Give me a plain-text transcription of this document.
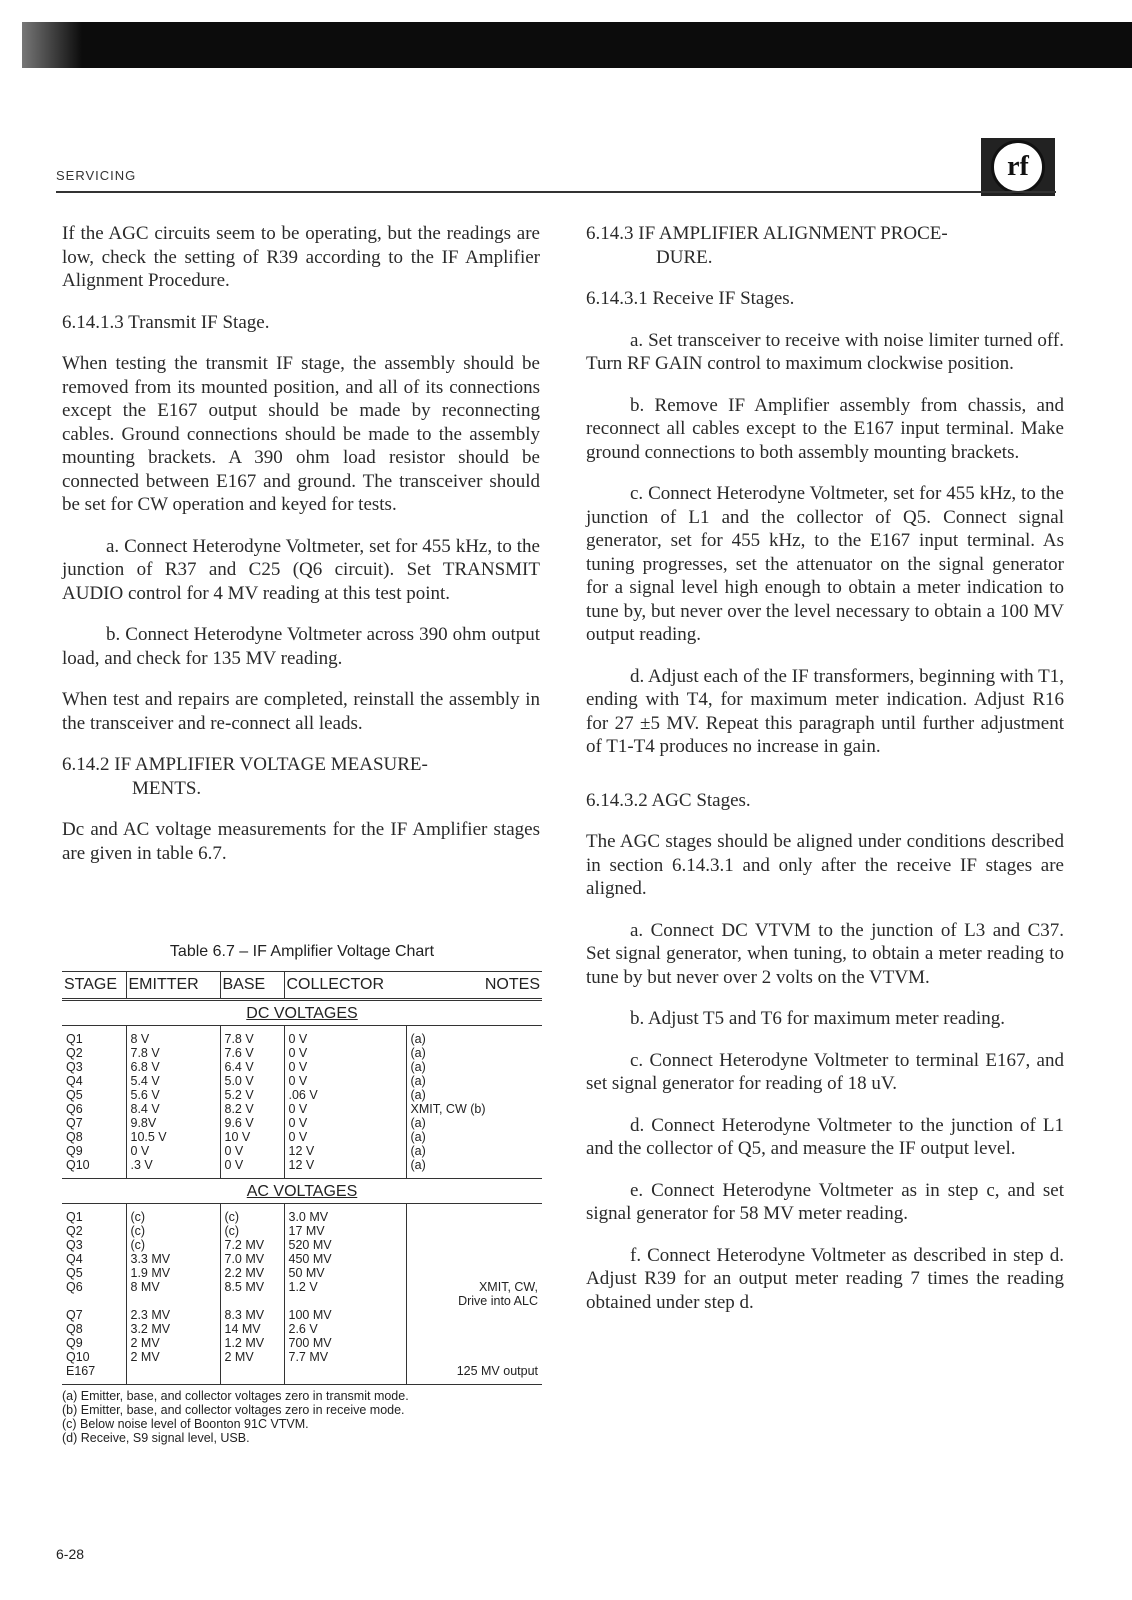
SERVICING	rf

If the AGC circuits seem to be operating, but the readings are low, check the setting of R39 according to the IF Amplifier Alignment Procedure.

6.14.1.3 Transmit IF Stage.

When testing the transmit IF stage, the assembly should be removed from its mounted position, and all of its connections except the E167 output should be made by reconnecting cables. Ground connections should be made to the assembly mounting brackets. A 390 ohm load resistor should be connected between E167 and ground. The transceiver should be set for CW operation and keyed for tests.

a. Connect Heterodyne Voltmeter, set for 455 kHz, to the junction of R37 and C25 (Q6 circuit). Set TRANSMIT AUDIO control for 4 MV reading at this test point.

b. Connect Heterodyne Voltmeter across 390 ohm output load, and check for 135 MV reading.

When test and repairs are completed, reinstall the assembly in the transceiver and re-connect all leads.

6.14.2 IF AMPLIFIER VOLTAGE MEASURE-
MENTS.

Dc and AC voltage measurements for the IF Amplifier stages are given in table 6.7.

Table 6.7 – IF Amplifier Voltage Chart
STAGE	EMITTER	BASE	COLLECTOR	NOTES
DC VOLTAGES				
Q1	8 V	7.8 V	0 V	(a)
Q2	7.8 V	7.6 V	0 V	(a)
Q3	6.8 V	6.4 V	0 V	(a)
Q4	5.4 V	5.0 V	0 V	(a)
Q5	5.6 V	5.2 V	.06 V	(a)
Q6	8.4 V	8.2 V	0 V	XMIT, CW (b)
Q7	9.8V	9.6 V	0 V	(a)
Q8	10.5 V	10 V	0 V	(a)
Q9	0 V	0 V	12 V	(a)
Q10	.3 V	0 V	12 V	(a)
AC VOLTAGES				
Q1	(c)	(c)	3.0 MV	
Q2	(c)	(c)	17 MV	
Q3	(c)	7.2 MV	520 MV	
Q4	3.3 MV	7.0 MV	450 MV	
Q5	1.9 MV	2.2 MV	50 MV	
Q6	8 MV	8.5 MV	1.2 V	XMIT, CW,
				Drive into ALC
Q7	2.3 MV	8.3 MV	100 MV	
Q8	3.2 MV	14 MV	2.6 V	
Q9	2 MV	1.2 MV	700 MV	
Q10	2 MV	2 MV	7.7 MV	
E167				125 MV output
(a) Emitter, base, and collector voltages zero in transmit mode.
(b) Emitter, base, and collector voltages zero in receive mode.
(c) Below noise level of Boonton 91C VTVM.
(d) Receive, S9 signal level, USB.

6.14.3 IF AMPLIFIER ALIGNMENT PROCE-
DURE.

6.14.3.1 Receive IF Stages.

a. Set transceiver to receive with noise limiter turned off. Turn RF GAIN control to maximum clockwise position.

b. Remove IF Amplifier assembly from chassis, and reconnect all cables except to the E167 input terminal. Make ground connections to both assembly mounting brackets.

c. Connect Heterodyne Voltmeter, set for 455 kHz, to the junction of L1 and the collector of Q5. Connect signal generator, set for 455 kHz, to the E167 input terminal. As tuning progresses, set the attenuator on the signal generator for a signal level high enough to obtain a meter indication to tune by, but never over the level necessary to obtain a 100 MV output reading.

d. Adjust each of the IF transformers, beginning with T1, ending with T4, for maximum meter indication. Adjust R16 for 27 ±5 MV. Repeat this paragraph until further adjustment of T1-T4 produces no increase in gain.

6.14.3.2 AGC Stages.

The AGC stages should be aligned under conditions described in section 6.14.3.1 and only after the receive IF stages are aligned.

a. Connect DC VTVM to the junction of L3 and C37. Set signal generator, when tuning, to obtain a meter reading to tune by but never over 2 volts on the VTVM.

b. Adjust T5 and T6 for maximum meter reading.

c. Connect Heterodyne Voltmeter to terminal E167, and set signal generator for reading of 18 uV.

d. Connect Heterodyne Voltmeter to the junction of L1 and the collector of Q5, and measure the IF output level.

e. Connect Heterodyne Voltmeter as in step c, and set signal generator for 58 MV meter reading.

f. Connect Heterodyne Voltmeter as described in step d. Adjust R39 for an output meter reading 7 times the reading obtained under step d.

6-28
